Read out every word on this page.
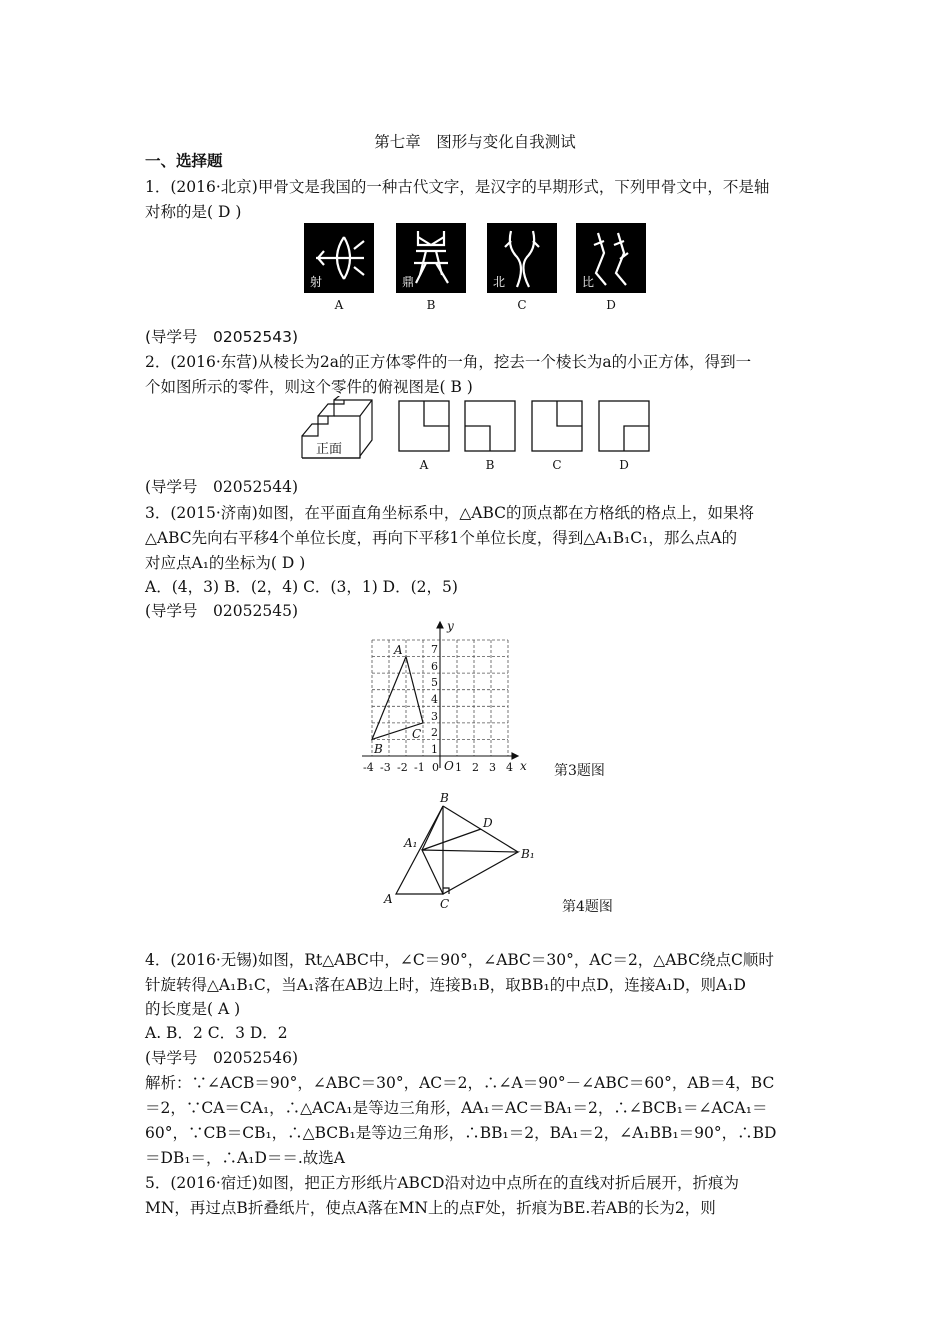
第七章　图形与变化自我测试
一、选择题
1．(2016·北京)甲骨文是我国的一种古代文字，是汉字的早期形式，下列甲骨文中，不是轴
对称的是( D )
射	鼎	北	比
A	B	C	D
(导学号　02052543)
2．(2016·东营)从棱长为2a的正方体零件的一角，挖去一个棱长为a的小正方体，得到一
个如图所示的零件，则这个零件的俯视图是( B )
正面
A	B	C	D
(导学号　02052544)
3．(2015·济南)如图，在平面直角坐标系中，△ABC的顶点都在方格纸的格点上，如果将
△ABC先向右平移4个单位长度，再向下平移1个单位长度，得到△A₁B₁C₁，那么点A的
对应点A₁的坐标为( D )
A．(4，3) B．(2，4) C．(3，1) D．(2，5)
(导学号　02052545)
A
B
C
O
y
x
-4 -3 -2 -1 0 1 2 3 4
1
2
3
4
5
6
7
第3题图
A
B
C
D
A₁
B₁
第4题图
4．(2016·无锡)如图，Rt△ABC中，∠C＝90°，∠ABC＝30°，AC＝2，△ABC绕点C顺时
针旋转得△A₁B₁C，当A₁落在AB边上时，连接B₁B，取BB₁的中点D，连接A₁D，则A₁D
的长度是( A )
A. B．2 C．3 D．2
(导学号　02052546)
解析：∵∠ACB＝90°，∠ABC＝30°，AC＝2，∴∠A＝90°－∠ABC＝60°，AB＝4，BC
＝2，∵CA＝CA₁，∴△ACA₁是等边三角形，AA₁＝AC＝BA₁＝2，∴∠BCB₁＝∠ACA₁＝
60°，∵CB＝CB₁，∴△BCB₁是等边三角形，∴BB₁＝2，BA₁＝2，∠A₁BB₁＝90°，∴BD
＝DB₁＝，∴A₁D＝＝.故选A
5．(2016·宿迁)如图，把正方形纸片ABCD沿对边中点所在的直线对折后展开，折痕为
MN，再过点B折叠纸片，使点A落在MN上的点F处，折痕为BE.若AB的长为2，则
